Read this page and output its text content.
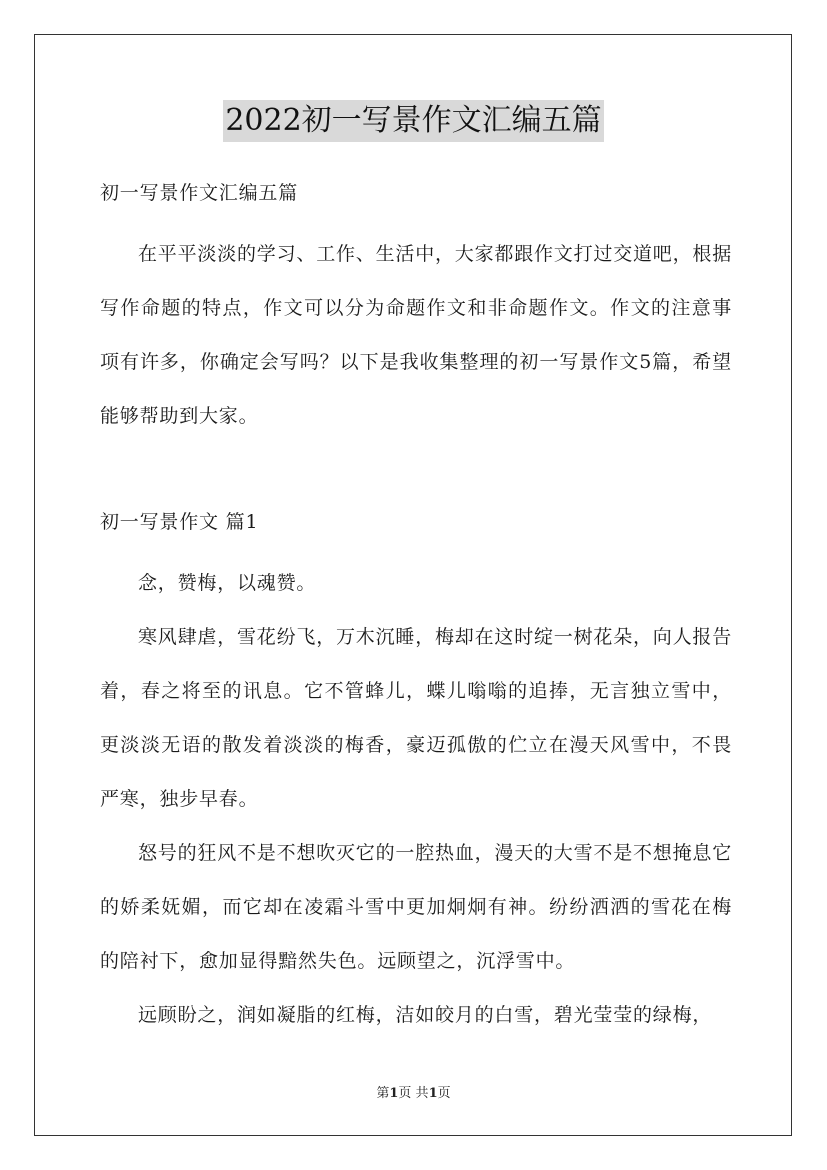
2022初一写景作文汇编五篇

初一写景作文汇编五篇

在平平淡淡的学习、工作、生活中，大家都跟作文打过交道吧，根据写作命题的特点，作文可以分为命题作文和非命题作文。作文的注意事项有许多，你确定会写吗？以下是我收集整理的初一写景作文5篇，希望能够帮助到大家。

初一写景作文 篇1

念，赞梅，以魂赞。

寒风肆虐，雪花纷飞，万木沉睡，梅却在这时绽一树花朵，向人报告着，春之将至的讯息。它不管蜂儿，蝶儿嗡嗡的追捧，无言独立雪中，更淡淡无语的散发着淡淡的梅香，豪迈孤傲的伫立在漫天风雪中，不畏严寒，独步早春。

怒号的狂风不是不想吹灭它的一腔热血，漫天的大雪不是不想掩息它的娇柔妩媚，而它却在凌霜斗雪中更加炯炯有神。纷纷洒洒的雪花在梅的陪衬下，愈加显得黯然失色。远顾望之，沉浮雪中。

远顾盼之，润如凝脂的红梅，洁如皎月的白雪，碧光莹莹的绿梅，

第1页 共1页
